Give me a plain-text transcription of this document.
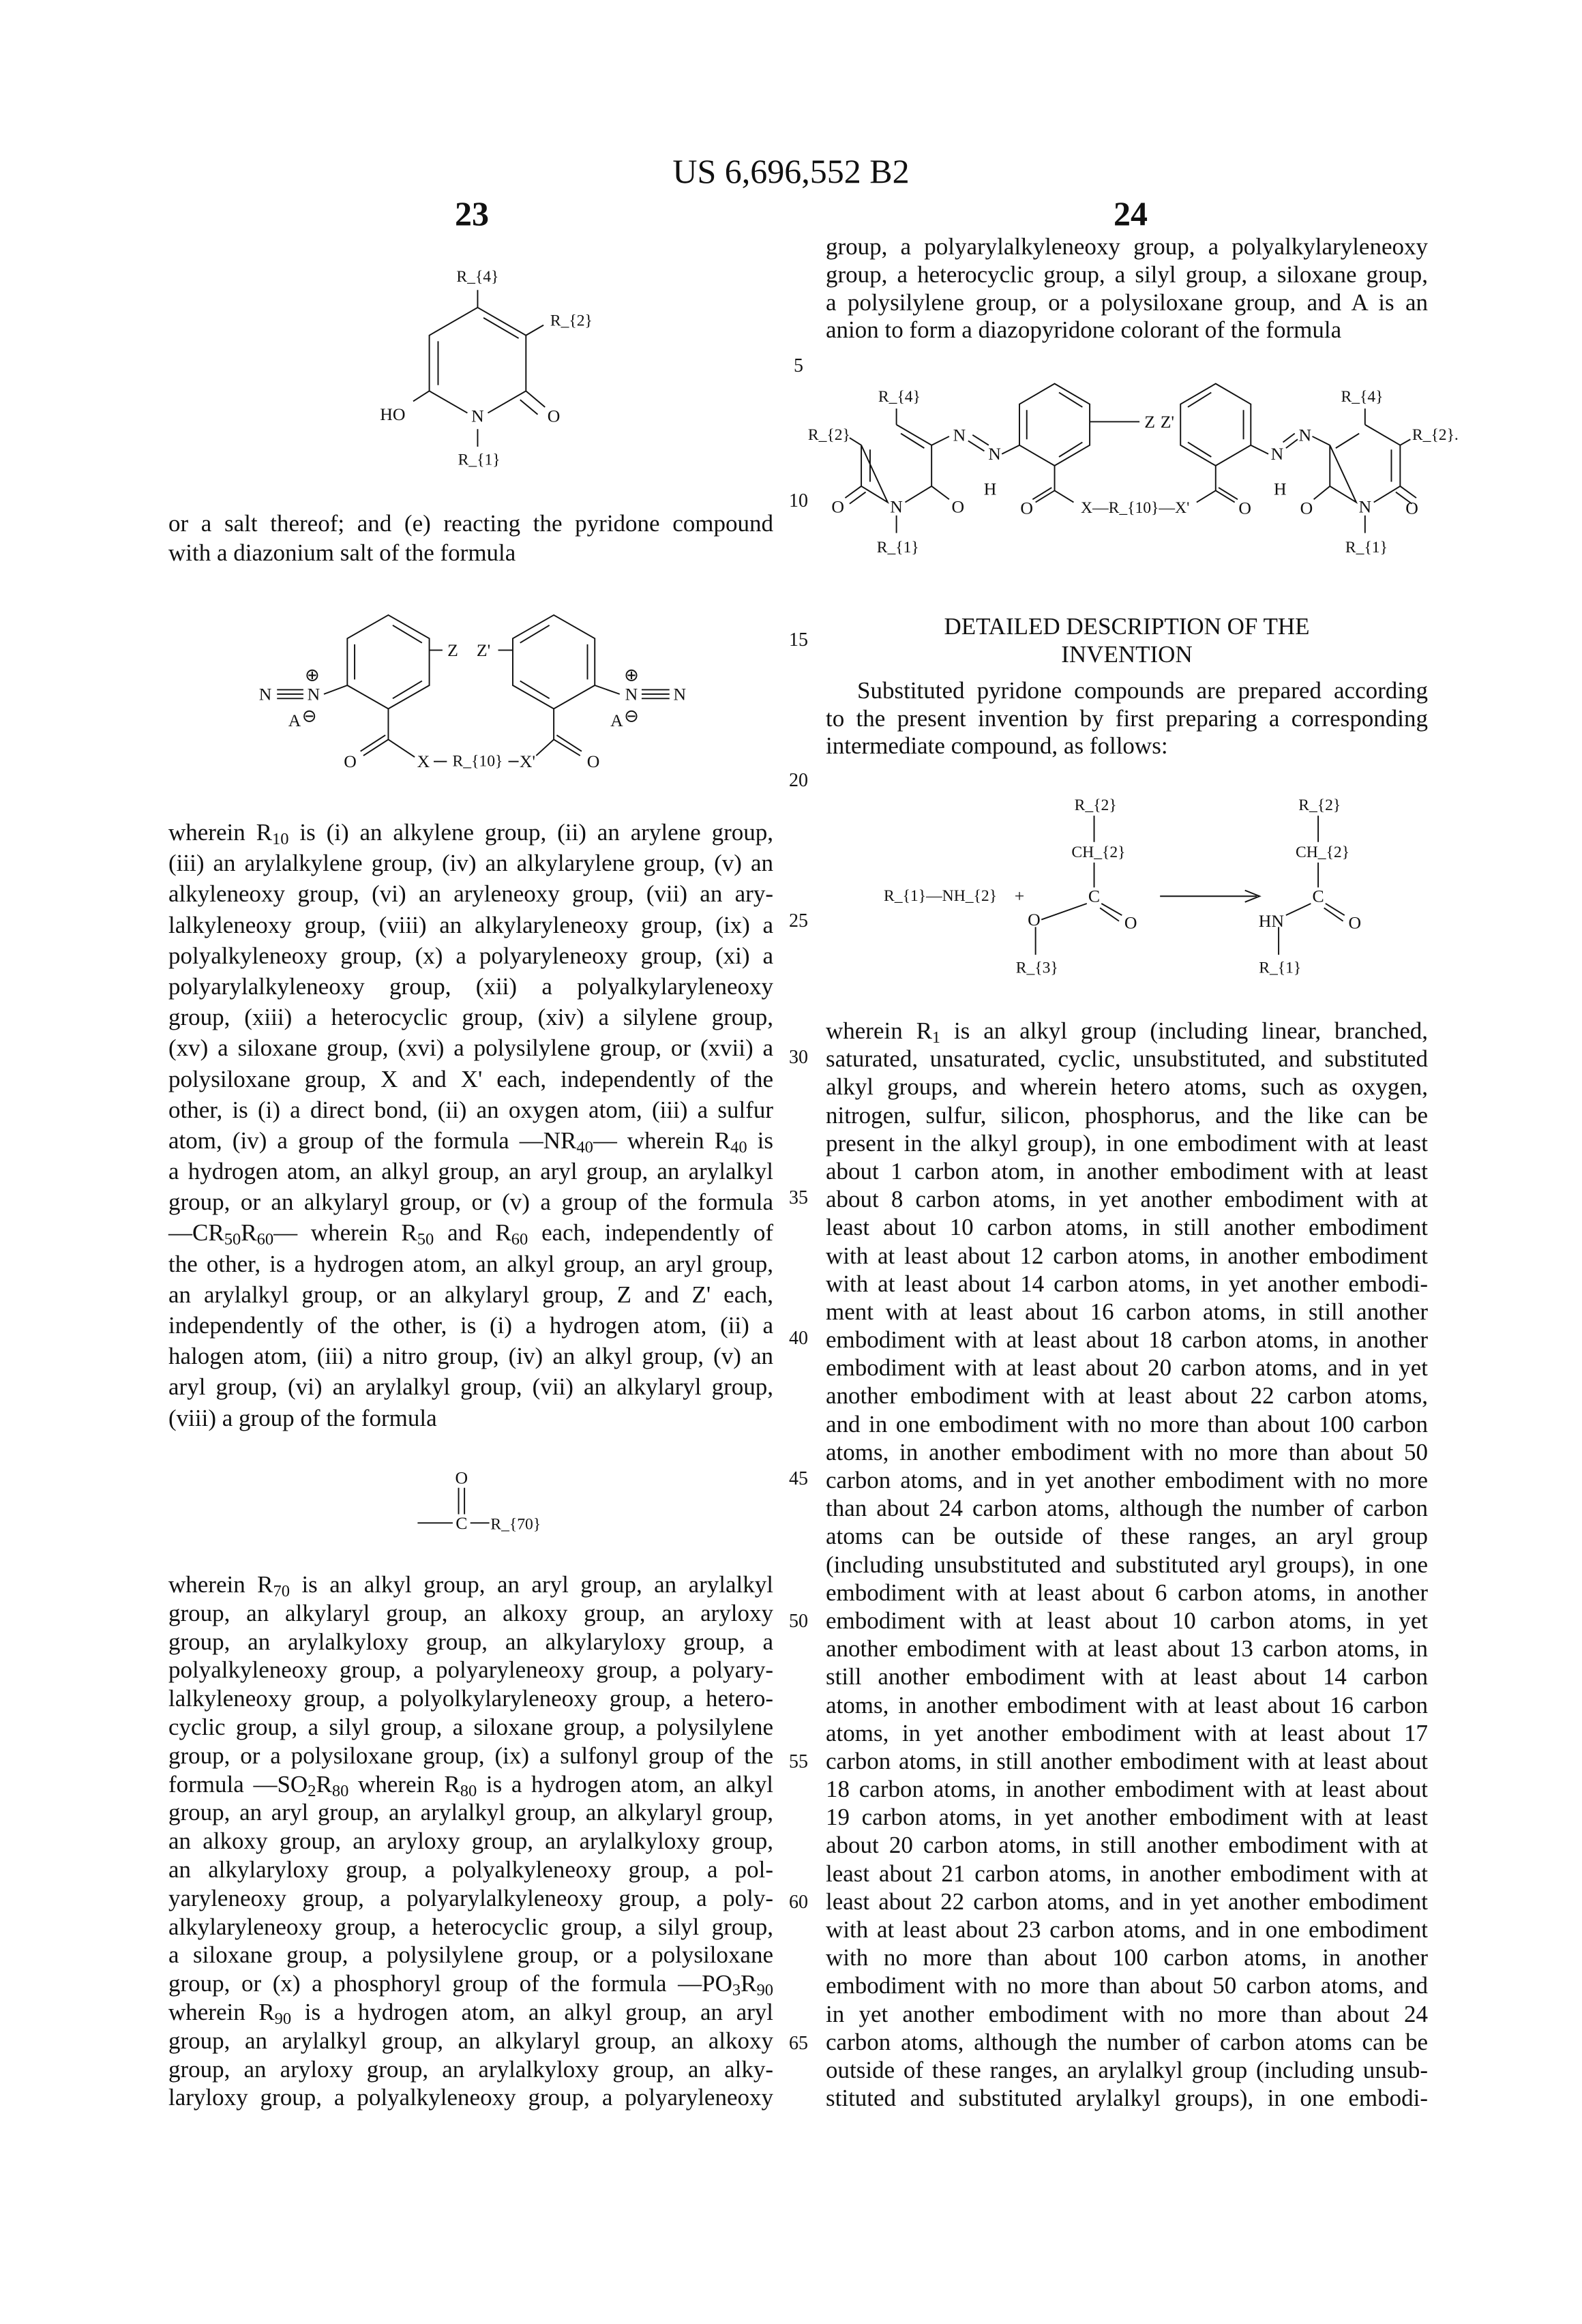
US 6,696,552 B2
23	24
5
10
15
20
25
30
35
40
45
50
55
60
65
or a salt thereof; and (e) reacting the pyridone compound
with a diazonium salt of the formula
wherein R10 is (i) an alkylene group, (ii) an arylene group,
(iii) an arylalkylene group, (iv) an alkylarylene group, (v) an
alkyleneoxy group, (vi) an aryleneoxy group, (vii) an ary-
lalkyleneoxy group, (viii) an alkylaryleneoxy group, (ix) a
polyalkyleneoxy group, (x) a polyaryleneoxy group, (xi) a
polyarylalkyleneoxy group, (xii) a polyalkylaryleneoxy
group, (xiii) a heterocyclic group, (xiv) a silylene group,
(xv) a siloxane group, (xvi) a polysilylene group, or (xvii) a
polysiloxane group, X and X' each, independently of the
other, is (i) a direct bond, (ii) an oxygen atom, (iii) a sulfur
atom, (iv) a group of the formula —NR40— wherein R40 is
a hydrogen atom, an alkyl group, an aryl group, an arylalkyl
group, or an alkylaryl group, or (v) a group of the formula
—CR50R60— wherein R50 and R60 each, independently of
the other, is a hydrogen atom, an alkyl group, an aryl group,
an arylalkyl group, or an alkylaryl group, Z and Z' each,
independently of the other, is (i) a hydrogen atom, (ii) a
halogen atom, (iii) a nitro group, (iv) an alkyl group, (v) an
aryl group, (vi) an arylalkyl group, (vii) an alkylaryl group,
(viii) a group of the formula
wherein R70 is an alkyl group, an aryl group, an arylalkyl
group, an alkylaryl group, an alkoxy group, an aryloxy
group, an arylalkyloxy group, an alkylaryloxy group, a
polyalkyleneoxy group, a polyaryleneoxy group, a polyary-
lalkyleneoxy group, a polyolkylaryleneoxy group, a hetero-
cyclic group, a silyl group, a siloxane group, a polysilylene
group, or a polysiloxane group, (ix) a sulfonyl group of the
formula —SO2R80 wherein R80 is a hydrogen atom, an alkyl
group, an aryl group, an arylalkyl group, an alkylaryl group,
an alkoxy group, an aryloxy group, an arylalkyloxy group,
an alkylaryloxy group, a polyalkyleneoxy group, a pol-
yaryleneoxy group, a polyarylalkyleneoxy group, a poly-
alkylaryleneoxy group, a heterocyclic group, a silyl group,
a siloxane group, a polysilylene group, or a polysiloxane
group, or (x) a phosphoryl group of the formula —PO3R90
wherein R90 is a hydrogen atom, an alkyl group, an aryl
group, an arylalkyl group, an alkylaryl group, an alkoxy
group, an aryloxy group, an arylalkyloxy group, an alky-
laryloxy group, a polyalkyleneoxy group, a polyaryleneoxy
group, a polyarylalkyleneoxy group, a polyalkylaryleneoxy
group, a heterocyclic group, a silyl group, a siloxane group,
a polysilylene group, or a polysiloxane group, and A is an
anion to form a diazopyridone colorant of the formula
DETAILED DESCRIPTION OF THE
INVENTION
Substituted pyridone compounds are prepared according
to the present invention by first preparing a corresponding
intermediate compound, as follows:
wherein R1 is an alkyl group (including linear, branched,
saturated, unsaturated, cyclic, unsubstituted, and substituted
alkyl groups, and wherein hetero atoms, such as oxygen,
nitrogen, sulfur, silicon, phosphorus, and the like can be
present in the alkyl group), in one embodiment with at least
about 1 carbon atom, in another embodiment with at least
about 8 carbon atoms, in yet another embodiment with at
least about 10 carbon atoms, in still another embodiment
with at least about 12 carbon atoms, in another embodiment
with at least about 14 carbon atoms, in yet another embodi-
ment with at least about 16 carbon atoms, in still another
embodiment with at least about 18 carbon atoms, in another
embodiment with at least about 20 carbon atoms, and in yet
another embodiment with at least about 22 carbon atoms,
and in one embodiment with no more than about 100 carbon
atoms, in another embodiment with no more than about 50
carbon atoms, and in yet another embodiment with no more
than about 24 carbon atoms, although the number of carbon
atoms can be outside of these ranges, an aryl group
(including unsubstituted and substituted aryl groups), in one
embodiment with at least about 6 carbon atoms, in another
embodiment with at least about 10 carbon atoms, in yet
another embodiment with at least about 13 carbon atoms, in
still another embodiment with at least about 14 carbon
atoms, in another embodiment with at least about 16 carbon
atoms, in yet another embodiment with at least about 17
carbon atoms, in still another embodiment with at least about
18 carbon atoms, in another embodiment with at least about
19 carbon atoms, in yet another embodiment with at least
about 20 carbon atoms, in still another embodiment with at
least about 21 carbon atoms, in another embodiment with at
least about 22 carbon atoms, and in yet another embodiment
with at least about 23 carbon atoms, and in one embodiment
with no more than about 100 carbon atoms, in another
embodiment with no more than about 50 carbon atoms, and
in yet another embodiment with no more than about 24
carbon atoms, although the number of carbon atoms can be
outside of these ranges, an arylalkyl group (including unsub-
stituted and substituted arylalkyl groups), in one embodi-
R_{4}
R_{2}
O
HO	N
R_{1}
N	N
⊕
A ⊖
N
⊕
N
A ⊖
Z Z'
O	X	R_{10} X'	O
O
C	R_{70}
R_{4}
R_{2}	N
N
O	N	O
H
R_{1}
O	X—R_{10}—X'	O
Z Z'
N
N
R_{4}
R_{2}.
H
O	N	O
R_{1}
R_{1}—NH_{2} +
R_{2}
CH_{2}
C
O	O
R_{3}
R_{2}
CH_{2}
C
HN	O
R_{1}
